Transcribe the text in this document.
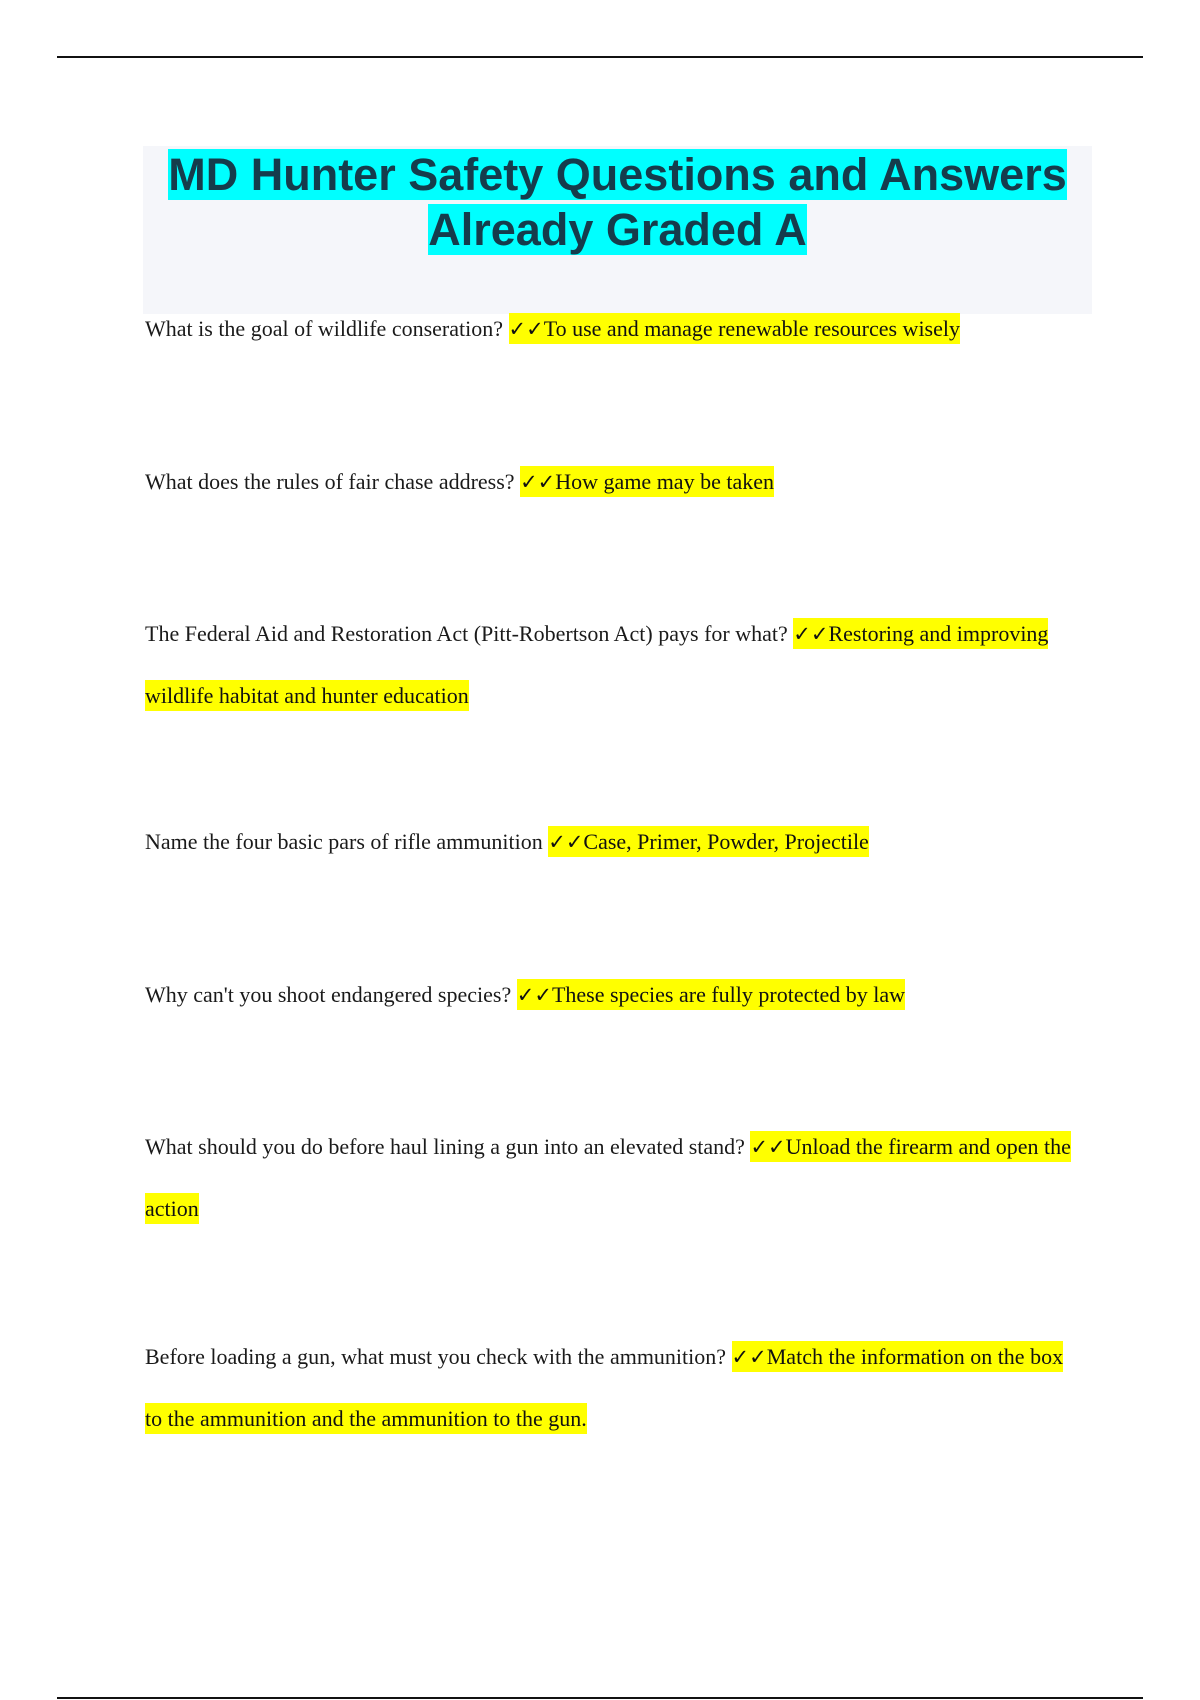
MD Hunter Safety Questions and Answers Already Graded A

What is the goal of wildlife conseration? ✓✓To use and manage renewable resources wisely

What does the rules of fair chase address? ✓✓How game may be taken

The Federal Aid and Restoration Act (Pitt-Robertson Act) pays for what? ✓✓Restoring and improving wildlife habitat and hunter education

Name the four basic pars of rifle ammunition ✓✓Case, Primer, Powder, Projectile

Why can't you shoot endangered species? ✓✓These species are fully protected by law

What should you do before haul lining a gun into an elevated stand? ✓✓Unload the firearm and open the action

Before loading a gun, what must you check with the ammunition? ✓✓Match the information on the box to the ammunition and the ammunition to the gun.
